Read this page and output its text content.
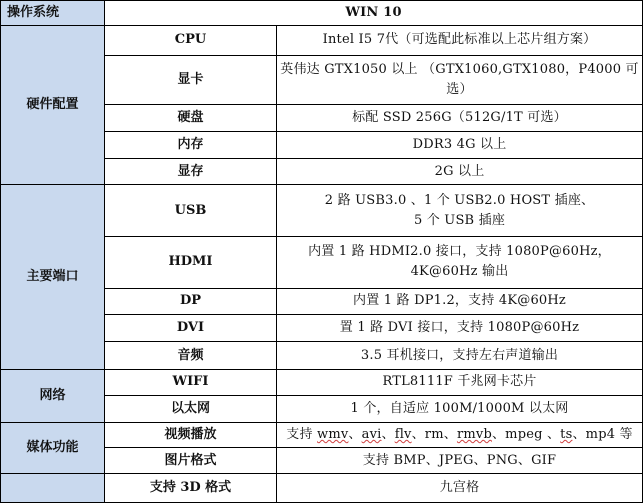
操作系统	WIN 10	
硬件配置	CPU	Intel I5 7代（可选配此标准以上芯片组方案）
	显卡	英伟达 GTX1050 以上 （GTX1060,GTX1080，P4000 可选）
	硬盘	标配 SSD 256G（512G/1T 可选）
	内存	DDR3 4G 以上
	显存	2G 以上
主要端口	USB	2 路 USB3.0 、1 个 USB2.0 HOST 插座、
5 个 USB 插座

	HDMI	内置 1 路 HDMI2.0 接口，支持 1080P@60Hz，4K@60Hz 输出
	DP	内置 1 路 DP1.2，支持 4K@60Hz
	DVI	置 1 路 DVI 接口，支持 1080P@60Hz
	音频	3.5 耳机接口，支持左右声道输出
网络	WIFI	RTL8111F 千兆网卡芯片
	以太网	1 个，自适应 100M/1000M 以太网
媒体功能	视频播放	支持 wmv、avi、flv、rm、rmvb、mpeg 、ts、mp4 等
	图片格式	支持 BMP、JPEG、PNG、GIF
	支持 3D 格式	九宫格
